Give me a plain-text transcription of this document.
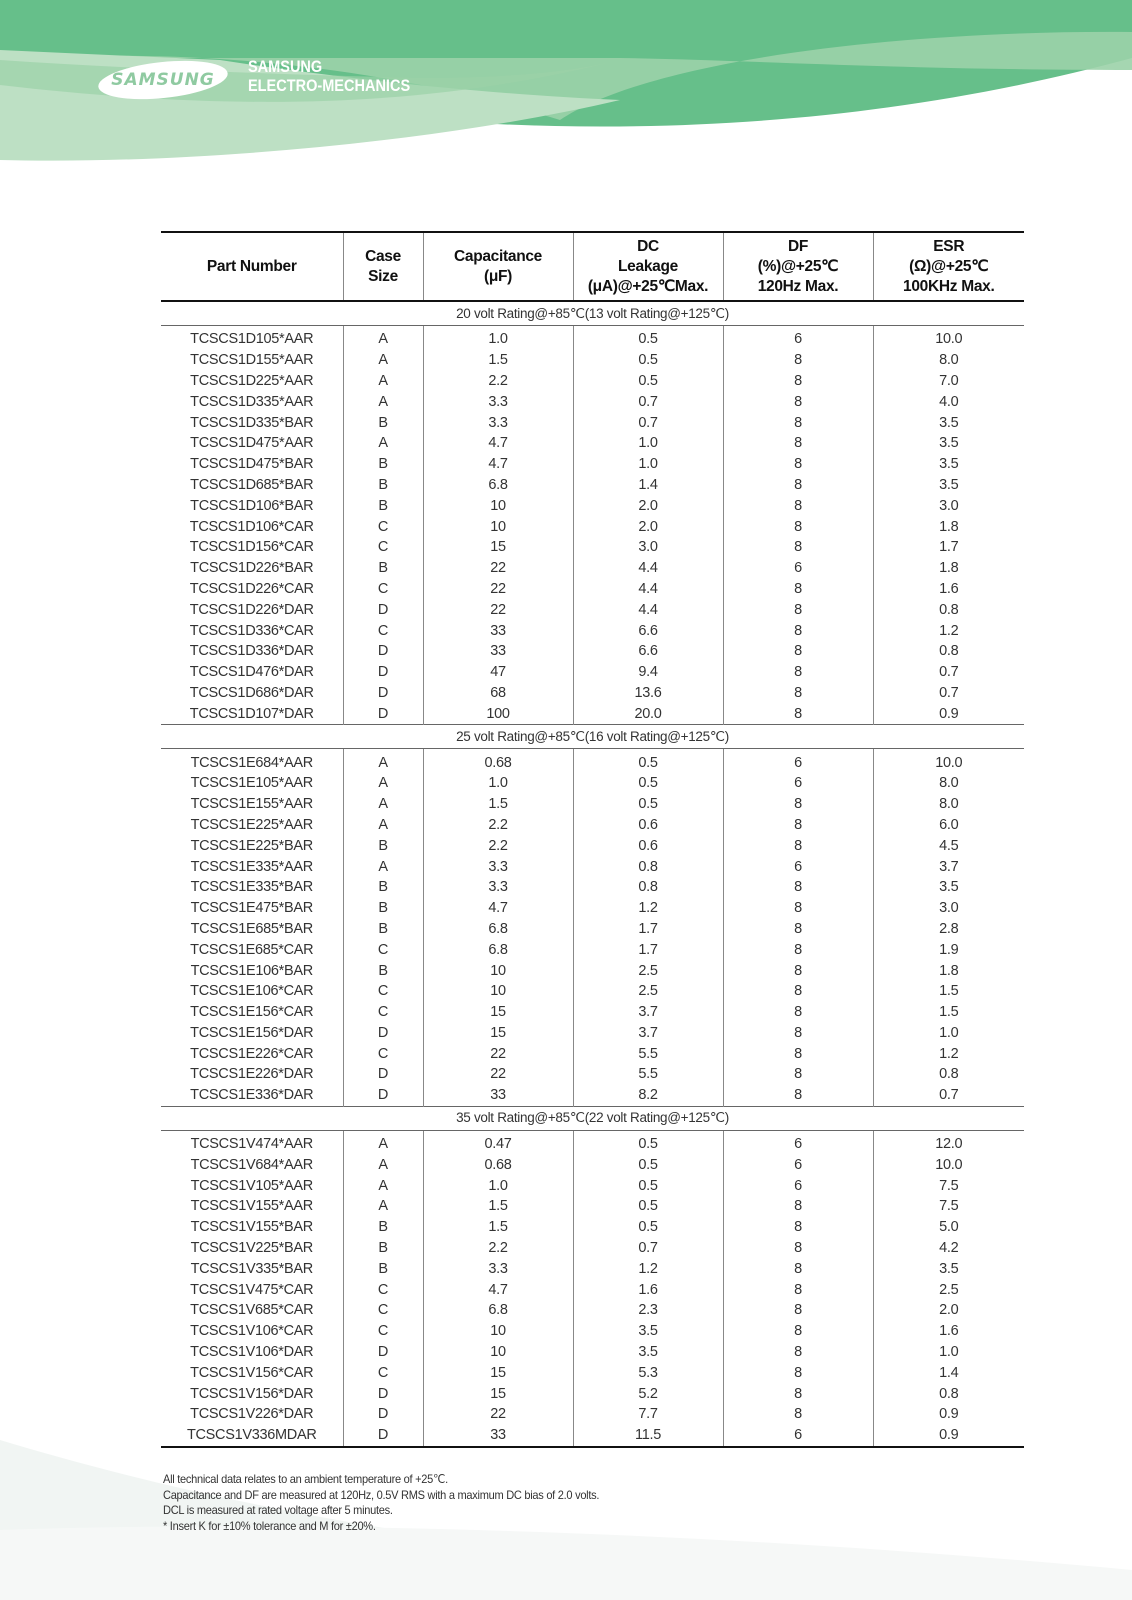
SAMSUNG
SAMSUNG
ELECTRO-MECHANICS
Part Number

Case
Size

Capacitance
(μF)

DC
Leakage
(μA)@+25℃Max.

DF
(%)@+25℃
120Hz Max.

ESR
(Ω)@+25℃
100KHz Max.

20 volt Rating@+85℃(13 volt Rating@+125℃)					
TCSCS1D105*AAR	A	1.0	0.5	6	10.0
TCSCS1D155*AAR	A	1.5	0.5	8	8.0
TCSCS1D225*AAR	A	2.2	0.5	8	7.0
TCSCS1D335*AAR	A	3.3	0.7	8	4.0
TCSCS1D335*BAR	B	3.3	0.7	8	3.5
TCSCS1D475*AAR	A	4.7	1.0	8	3.5
TCSCS1D475*BAR	B	4.7	1.0	8	3.5
TCSCS1D685*BAR	B	6.8	1.4	8	3.5
TCSCS1D106*BAR	B	10	2.0	8	3.0
TCSCS1D106*CAR	C	10	2.0	8	1.8
TCSCS1D156*CAR	C	15	3.0	8	1.7
TCSCS1D226*BAR	B	22	4.4	6	1.8
TCSCS1D226*CAR	C	22	4.4	8	1.6
TCSCS1D226*DAR	D	22	4.4	8	0.8
TCSCS1D336*CAR	C	33	6.6	8	1.2
TCSCS1D336*DAR	D	33	6.6	8	0.8
TCSCS1D476*DAR	D	47	9.4	8	0.7
TCSCS1D686*DAR	D	68	13.6	8	0.7
TCSCS1D107*DAR	D	100	20.0	8	0.9
25 volt Rating@+85℃(16 volt Rating@+125℃)					
TCSCS1E684*AAR	A	0.68	0.5	6	10.0
TCSCS1E105*AAR	A	1.0	0.5	6	8.0
TCSCS1E155*AAR	A	1.5	0.5	8	8.0
TCSCS1E225*AAR	A	2.2	0.6	8	6.0
TCSCS1E225*BAR	B	2.2	0.6	8	4.5
TCSCS1E335*AAR	A	3.3	0.8	6	3.7
TCSCS1E335*BAR	B	3.3	0.8	8	3.5
TCSCS1E475*BAR	B	4.7	1.2	8	3.0
TCSCS1E685*BAR	B	6.8	1.7	8	2.8
TCSCS1E685*CAR	C	6.8	1.7	8	1.9
TCSCS1E106*BAR	B	10	2.5	8	1.8
TCSCS1E106*CAR	C	10	2.5	8	1.5
TCSCS1E156*CAR	C	15	3.7	8	1.5
TCSCS1E156*DAR	D	15	3.7	8	1.0
TCSCS1E226*CAR	C	22	5.5	8	1.2
TCSCS1E226*DAR	D	22	5.5	8	0.8
TCSCS1E336*DAR	D	33	8.2	8	0.7
35 volt Rating@+85℃(22 volt Rating@+125℃)					
TCSCS1V474*AAR	A	0.47	0.5	6	12.0
TCSCS1V684*AAR	A	0.68	0.5	6	10.0
TCSCS1V105*AAR	A	1.0	0.5	6	7.5
TCSCS1V155*AAR	A	1.5	0.5	8	7.5
TCSCS1V155*BAR	B	1.5	0.5	8	5.0
TCSCS1V225*BAR	B	2.2	0.7	8	4.2
TCSCS1V335*BAR	B	3.3	1.2	8	3.5
TCSCS1V475*CAR	C	4.7	1.6	8	2.5
TCSCS1V685*CAR	C	6.8	2.3	8	2.0
TCSCS1V106*CAR	C	10	3.5	8	1.6
TCSCS1V106*DAR	D	10	3.5	8	1.0
TCSCS1V156*CAR	C	15	5.3	8	1.4
TCSCS1V156*DAR	D	15	5.2	8	0.8
TCSCS1V226*DAR	D	22	7.7	8	0.9
TCSCS1V336MDAR	D	33	11.5	6	0.9
All technical data relates to an ambient temperature of +25℃.
Capacitance and DF are measured at 120Hz, 0.5V RMS with a maximum DC bias of 2.0 volts.
DCL is measured at rated voltage after 5 minutes.
* Insert K for ±10% tolerance and M for ±20%.
